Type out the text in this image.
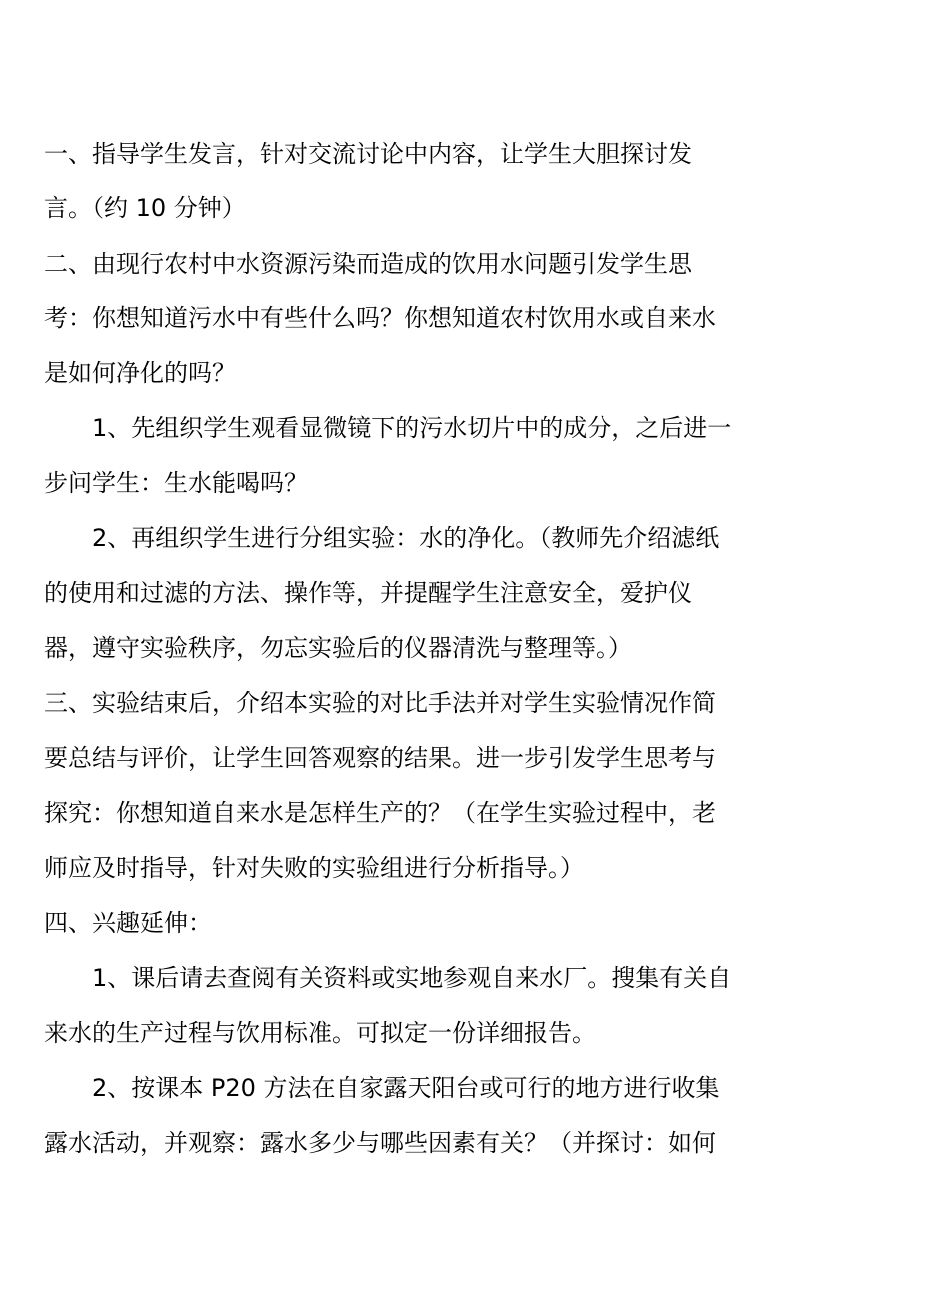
一、指导学生发言，针对交流讨论中内容，让学生大胆探讨发
言。（约 10 分钟）
二、由现行农村中水资源污染而造成的饮用水问题引发学生思
考：你想知道污水中有些什么吗？你想知道农村饮用水或自来水
是如何净化的吗？
1、先组织学生观看显微镜下的污水切片中的成分，之后进一
步问学生：生水能喝吗？
2、再组织学生进行分组实验：水的净化。（教师先介绍滤纸
的使用和过滤的方法、操作等，并提醒学生注意安全，爱护仪
器，遵守实验秩序，勿忘实验后的仪器清洗与整理等。）
三、实验结束后，介绍本实验的对比手法并对学生实验情况作简
要总结与评价，让学生回答观察的结果。进一步引发学生思考与
探究：你想知道自来水是怎样生产的？（在学生实验过程中，老
师应及时指导，针对失败的实验组进行分析指导。）
四、兴趣延伸：
1、课后请去查阅有关资料或实地参观自来水厂。搜集有关自
来水的生产过程与饮用标准。可拟定一份详细报告。
2、按课本 P20 方法在自家露天阳台或可行的地方进行收集
露水活动，并观察：露水多少与哪些因素有关？（并探讨：如何
